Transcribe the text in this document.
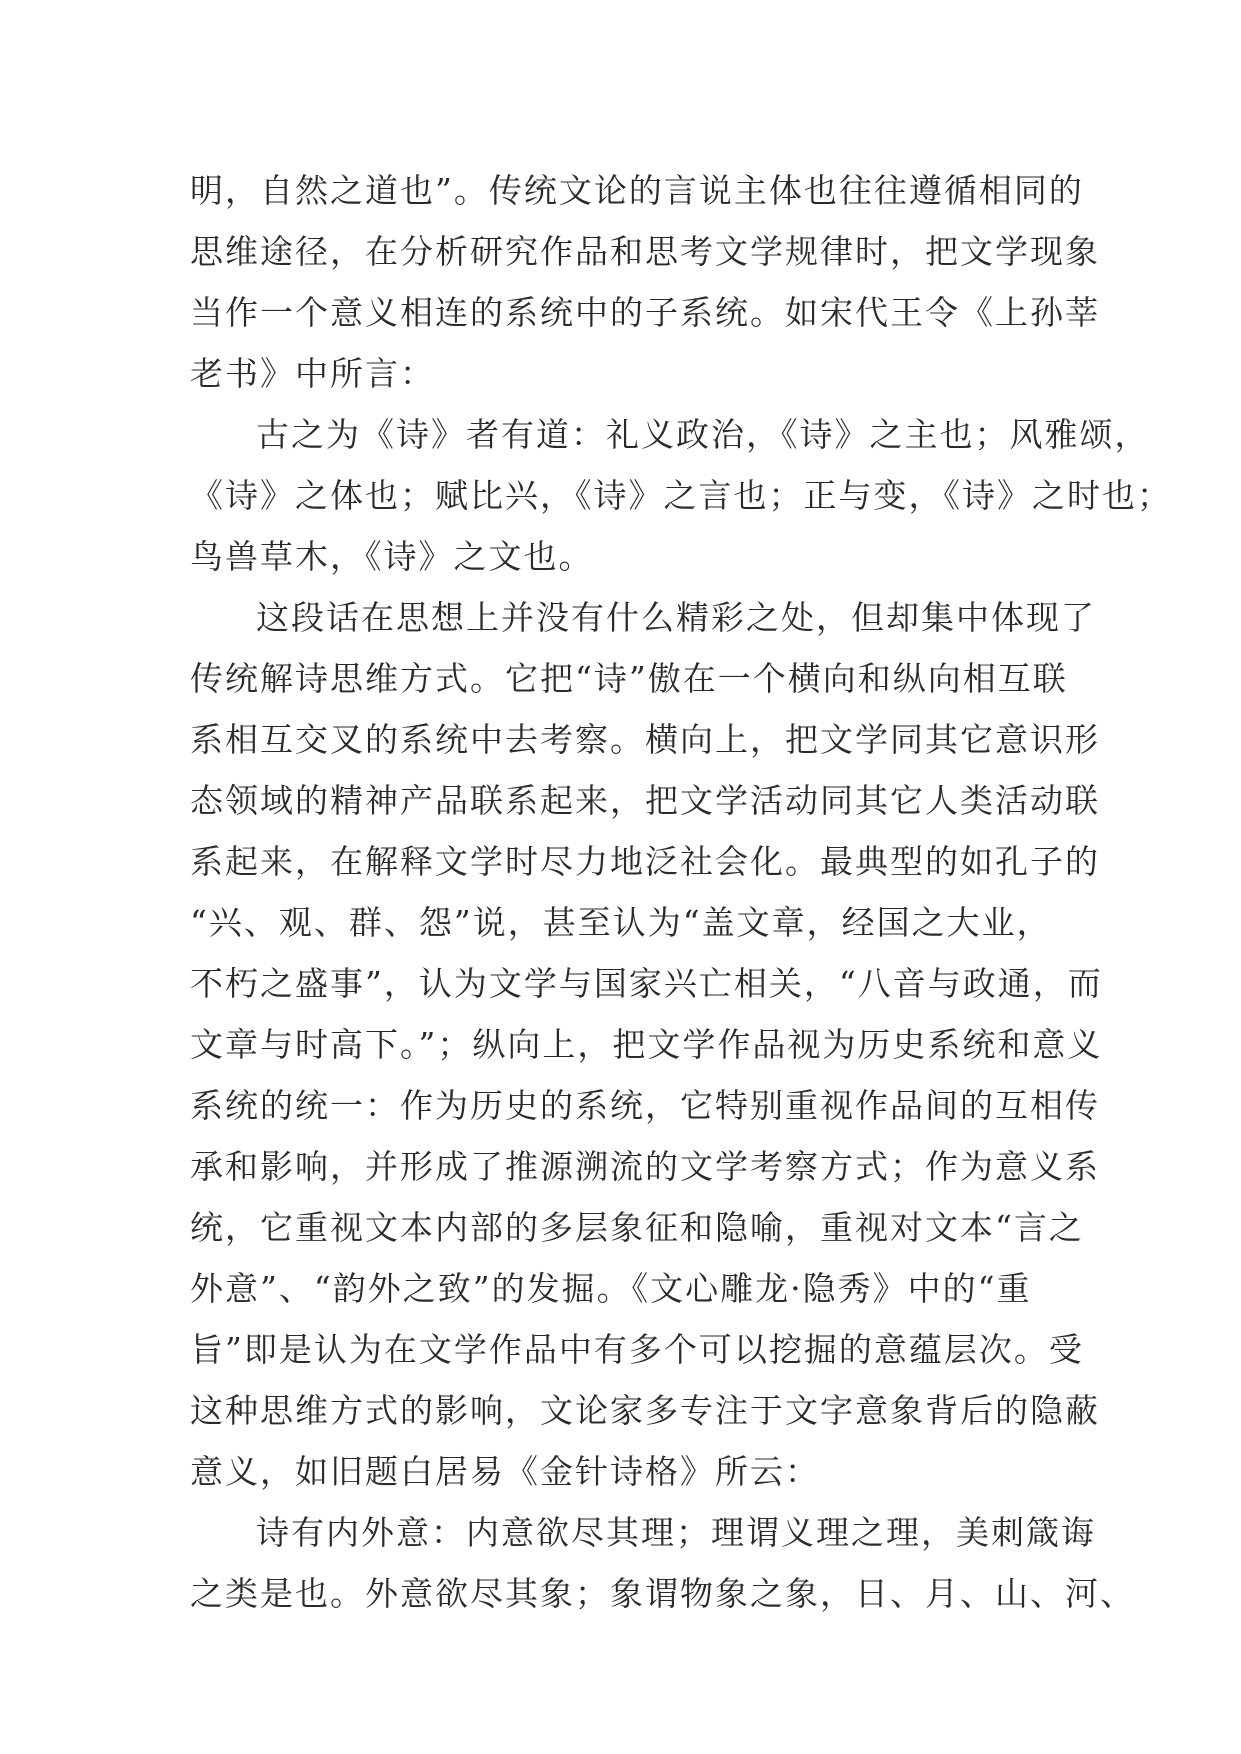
明，自然之道也”。传统文论的言说主体也往往遵循相同的
思维途径，在分析研究作品和思考文学规律时，把文学现象
当作一个意义相连的系统中的子系统。如宋代王令《上孙莘
老书》中所言：
古之为《诗》者有道：礼义政治，《诗》之主也；风雅颂，
《诗》之体也；赋比兴，《诗》之言也；正与变，《诗》之时也；
鸟兽草木，《诗》之文也。
这段话在思想上并没有什么精彩之处，但却集中体现了
传统解诗思维方式。它把“诗”傲在一个横向和纵向相互联
系相互交叉的系统中去考察。横向上，把文学同其它意识形
态领域的精神产品联系起来，把文学活动同其它人类活动联
系起来，在解释文学时尽力地泛社会化。最典型的如孔子的
“兴、观、群、怨”说，甚至认为“盖文章，经国之大业，
不朽之盛事”，认为文学与国家兴亡相关，“八音与政通，而
文章与时高下。”；纵向上，把文学作品视为历史系统和意义
系统的统一：作为历史的系统，它特别重视作品间的互相传
承和影响，并形成了推源溯流的文学考察方式；作为意义系
统，它重视文本内部的多层象征和隐喻，重视对文本“言之
外意”、“韵外之致”的发掘。《文心雕龙·隐秀》中的“重
旨”即是认为在文学作品中有多个可以挖掘的意蕴层次。受
这种思维方式的影响，文论家多专注于文字意象背后的隐蔽
意义，如旧题白居易《金针诗格》所云：
诗有内外意：内意欲尽其理；理谓义理之理，美刺箴诲
之类是也。外意欲尽其象；象谓物象之象，日、月、山、河、
